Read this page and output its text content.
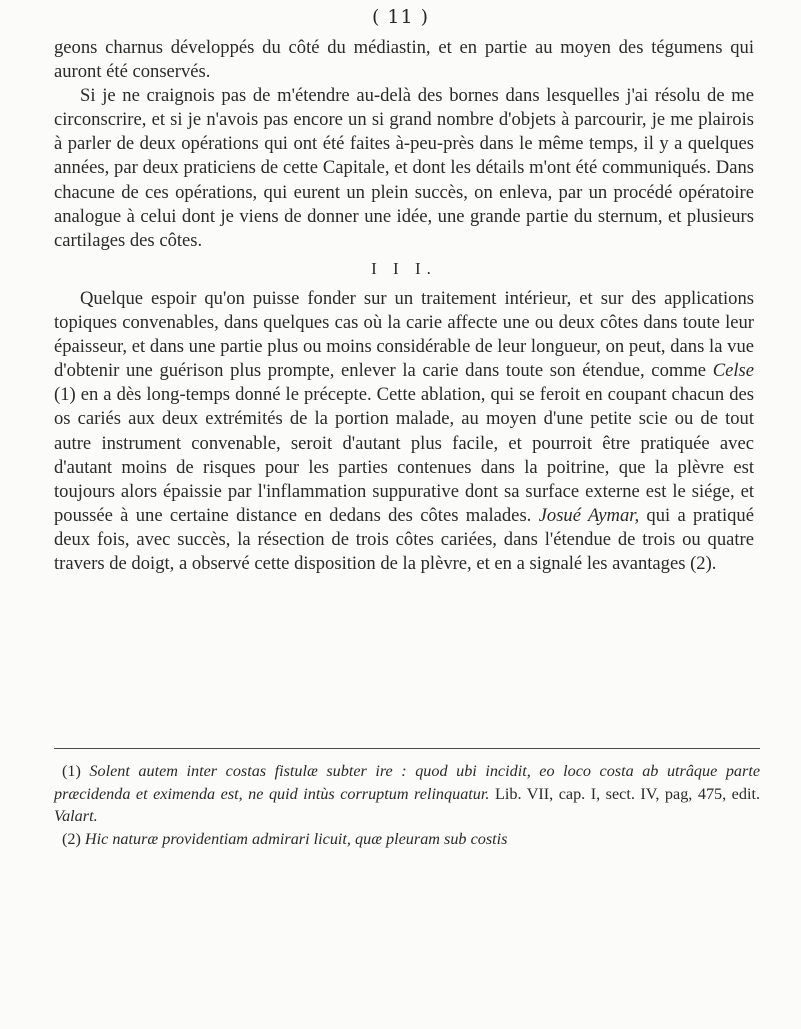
( 11 )

geons charnus développés du côté du médiastin, et en partie au moyen des tégumens qui auront été conservés.

Si je ne craignois pas de m'étendre au-delà des bornes dans lesquelles j'ai résolu de me circonscrire, et si je n'avois pas encore un si grand nombre d'objets à parcourir, je me plairois à parler de deux opérations qui ont été faites à-peu-près dans le même temps, il y a quelques années, par deux praticiens de cette Capitale, et dont les détails m'ont été communiqués. Dans chacune de ces opérations, qui eurent un plein succès, on enleva, par un procédé opératoire analogue à celui dont je viens de donner une idée, une grande partie du sternum, et plusieurs cartilages des côtes.

I I I.

Quelque espoir qu'on puisse fonder sur un traitement intérieur, et sur des applications topiques convenables, dans quelques cas où la carie affecte une ou deux côtes dans toute leur épaisseur, et dans une partie plus ou moins considérable de leur longueur, on peut, dans la vue d'obtenir une guérison plus prompte, enlever la carie dans toute son étendue, comme Celse (1) en a dès long-temps donné le précepte. Cette ablation, qui se feroit en coupant chacun des os cariés aux deux extrémités de la portion malade, au moyen d'une petite scie ou de tout autre instrument convenable, seroit d'autant plus facile, et pourroit être pratiquée avec d'autant moins de risques pour les parties contenues dans la poitrine, que la plèvre est toujours alors épaissie par l'inflammation suppurative dont sa surface externe est le siége, et poussée à une certaine distance en dedans des côtes malades. Josué Aymar, qui a pratiqué deux fois, avec succès, la résection de trois côtes cariées, dans l'étendue de trois ou quatre travers de doigt, a observé cette disposition de la plèvre, et en a signalé les avantages (2).

(1) Solent autem inter costas fistulæ subter ire : quod ubi incidit, eo loco costa ab utrâque parte præcidenda et eximenda est, ne quid intùs corruptum relinquatur. Lib. VII, cap. I, sect. IV, pag, 475, edit. Valart.

(2) Hic naturæ providentiam admirari licuit, quæ pleuram sub costis
